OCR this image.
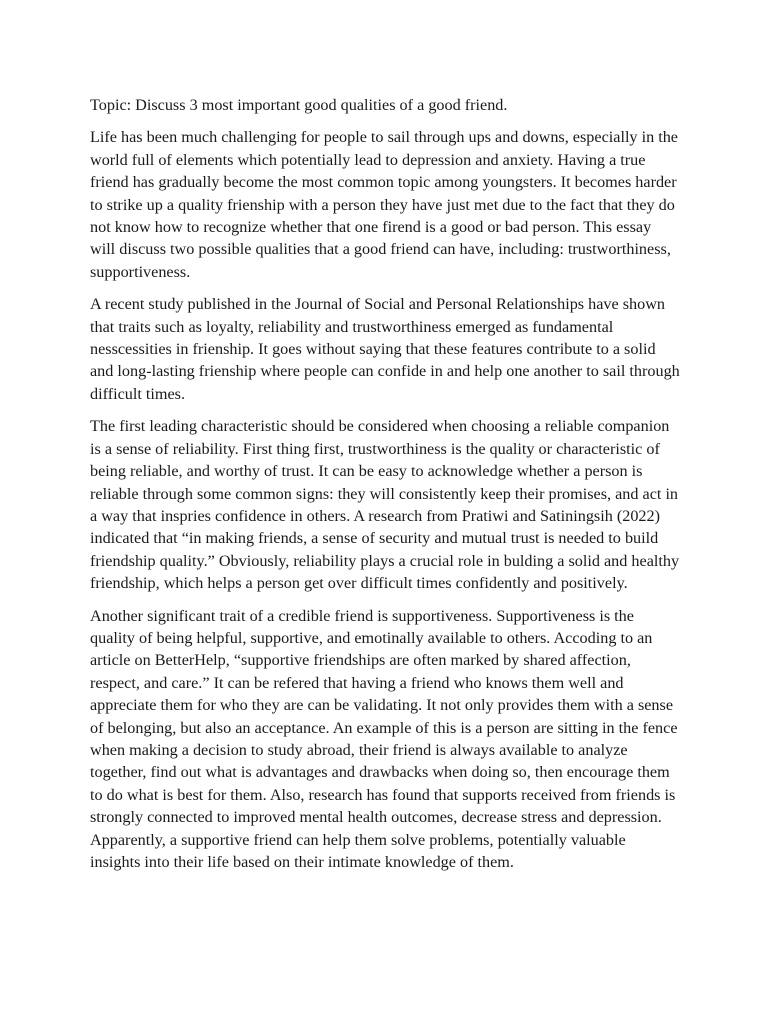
Topic: Discuss 3 most important good qualities of a good friend.

Life has been much challenging for people to sail through ups and downs, especially in the world full of elements which potentially lead to depression and anxiety. Having a true friend has gradually become the most common topic among youngsters. It becomes harder to strike up a quality frienship with a person they have just met due to the fact that they do not know how to recognize whether that one firend is a good or bad person. This essay will discuss two possible qualities that a good friend can have, including: trustworthiness, supportiveness.

A recent study published in the Journal of Social and Personal Relationships have shown that traits such as loyalty, reliability and trustworthiness emerged as fundamental nesscessities in frienship. It goes without saying that these features contribute to a solid and long-lasting frienship where people can confide in and help one another to sail through difficult times.

The first leading characteristic should be considered when choosing a reliable companion is a sense of reliability. First thing first, trustworthiness is the quality or characteristic of being reliable, and worthy of trust. It can be easy to acknowledge whether a person is reliable through some common signs: they will consistently keep their promises, and act in a way that inspries confidence in others. A research from Pratiwi and Satiningsih (2022) indicated that “in making friends, a sense of security and mutual trust is needed to build friendship quality.” Obviously, reliability plays a crucial role in bulding a solid and healthy friendship, which helps a person get over difficult times confidently and positively.

Another significant trait of a credible friend is supportiveness. Supportiveness is the quality of being helpful, supportive, and emotinally available to others. Accoding to an article on BetterHelp, “supportive friendships are often marked by shared affection, respect, and care.” It can be refered that having a friend who knows them well and appreciate them for who they are can be validating. It not only provides them with a sense of belonging, but also an acceptance. An example of this is a person are sitting in the fence when making a decision to study abroad, their friend is always available to analyze together, find out what is advantages and drawbacks when doing so, then encourage them to do what is best for them. Also, research has found that supports received from friends is strongly connected to improved mental health outcomes, decrease stress and depression. Apparently, a supportive friend can help them solve problems, potentially valuable insights into their life based on their intimate knowledge of them.
